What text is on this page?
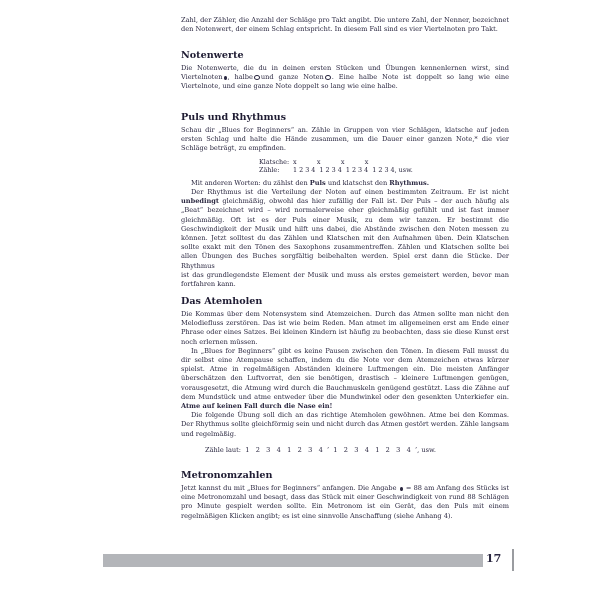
Zahl, der Zähler, die Anzahl der Schläge pro Takt angibt. Die untere Zahl, der Nenner, bezeichnet den Notenwert, der einem Schlag entspricht. In diesem Fall sind es vier Viertelnoten pro Takt.

Notenwerte

Die Notenwerte, die du in deinen ersten Stücken und Übungen kennenlernen wirst, sind Viertelnoten , halbe und ganze Noten . Eine halbe Note ist doppelt so lang wie eine Viertelnote, und eine ganze Note doppelt so lang wie eine halbe.

Puls und Rhythmus

Schau dir „Blues for Beginners“ an. Zähle in Gruppen von vier Schlägen, klatsche auf jeden ersten Schlag und halte die Hände zusammen, um die Dauer einer ganzen Note,* die vier Schläge beträgt, zu empfinden.

Klatsche: x          x          x          x
Zähle: 1 2 3 4  1 2 3 4  1 2 3 4  1 2 3 4, usw.

Mit anderen Worten: du zählst den Puls und klatschst den Rhythmus.

Der Rhythmus ist die Verteilung der Noten auf einen bestimmten Zeitraum. Er ist nicht unbedingt gleichmäßig, obwohl das hier zufällig der Fall ist. Der Puls – der auch häufig als „Beat“ bezeichnet wird – wird normalerweise eher gleichmäßig gefühlt und ist fast immer gleichmäßig. Oft ist es der Puls einer Musik, zu dem wir tanzen. Er bestimmt die Geschwindigkeit der Musik und hilft uns dabei, die Abstände zwischen den Noten messen zu können. Jetzt solltest du das Zählen und Klatschen mit den Aufnahmen üben. Dein Klatschen sollte exakt mit den Tönen des Saxophons zusammentreffen. Zählen und Klatschen sollte bei allen Übungen des Buches sorgfältig beibehalten werden. Spiel erst dann die Stücke. Der Rhythmus

ist das grundlegendste Element der Musik und muss als erstes gemeistert werden, bevor man fortfahren kann.

Das Atemholen

Die Kommas über dem Notensystem sind Atemzeichen. Durch das Atmen sollte man nicht den Melodiefluss zerstören. Das ist wie beim Reden. Man atmet im allgemeinen erst am Ende einer Phrase oder eines Satzes. Bei kleinen Kindern ist häufig zu beobachten, dass sie diese Kunst erst noch erlernen müssen.

In „Blues for Beginners“ gibt es keine Pausen zwischen den Tönen. In diesem Fall musst du dir selbst eine Atempause schaffen, indem du die Note vor dem Atemzeichen etwas kürzer spielst. Atme in regelmäßigen Abständen kleinere Luftmengen ein. Die meisten Anfänger überschätzen den Luftvorrat, den sie benötigen, drastisch – kleinere Luftmengen genügen, vorausgesetzt, die Atmung wird durch die Bauchmuskeln genügend gestützt. Lass die Zähne auf dem Mundstück und atme entweder über die Mundwinkel oder den gesenkten Unterkiefer ein. Atme auf keinen Fall durch die Nase ein!

Die folgende Übung soll dich an das richtige Atemholen gewöhnen. Atme bei den Kommas. Der Rhythmus sollte gleichförmig sein und nicht durch das Atmen gestört werden. Zähle langsam und regelmäßig.

Zähle laut:  1   2   3   4   1   2   3   4  ’  1   2   3   4   1   2   3   4  ’, usw.

Metronomzahlen

Jetzt kannst du mit „Blues for Beginners“ anfangen. Die Angabe = 88 am Anfang des Stücks ist eine Metronomzahl und besagt, dass das Stück mit einer Geschwindigkeit von rund 88 Schlägen pro Minute gespielt werden sollte. Ein Metronom ist ein Gerät, das den Puls mit einem regelmäßigen Klicken angibt; es ist eine sinnvolle Anschaffung (siehe Anhang 4).

17
